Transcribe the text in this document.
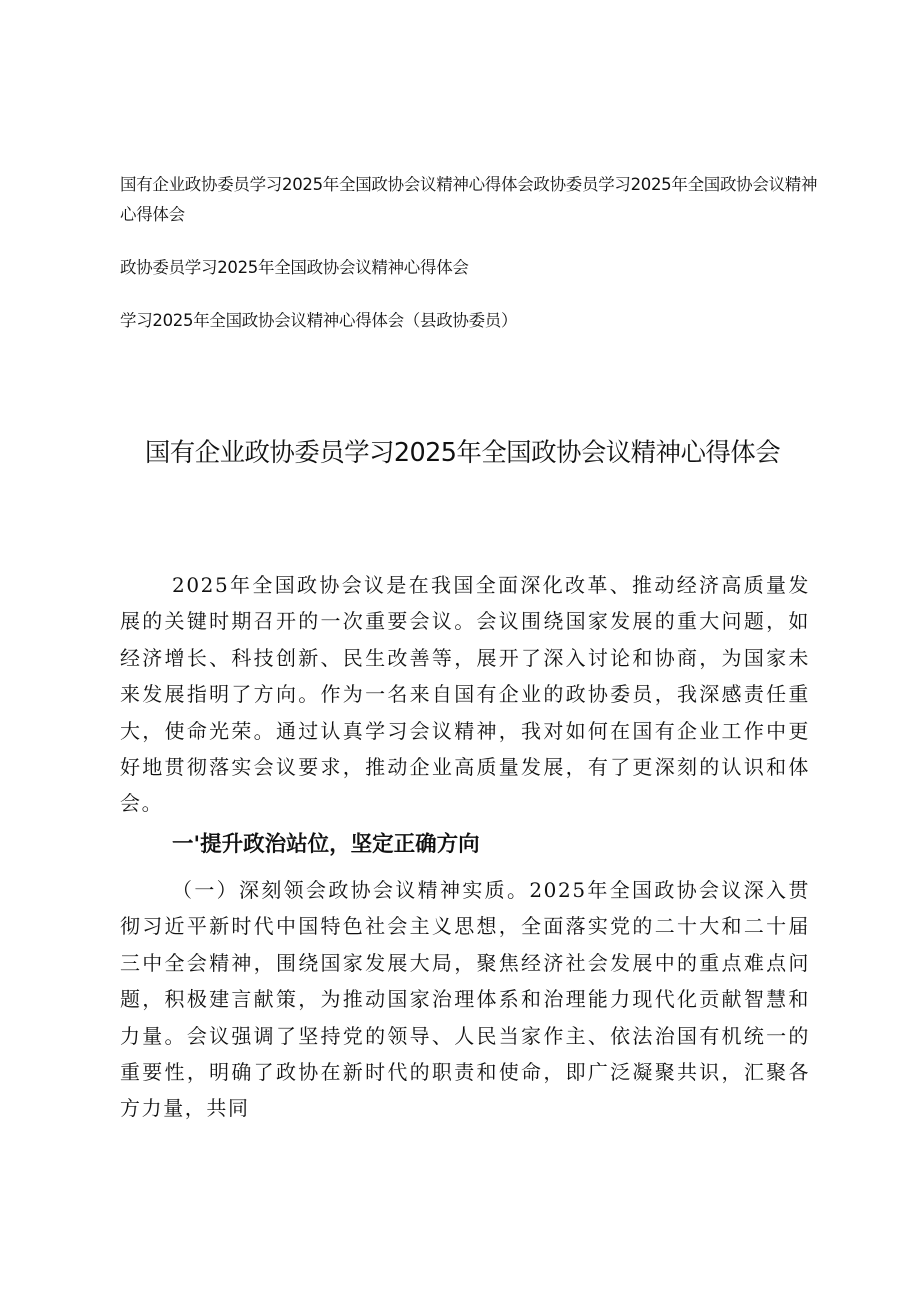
国有企业政协委员学习2025年全国政协会议精神心得体会政协委员学习2025年全国政协会议精神心得体会

政协委员学习2025年全国政协会议精神心得体会

学习2025年全国政协会议精神心得体会（县政协委员）

国有企业政协委员学习2025年全国政协会议精神心得体会

2025年全国政协会议是在我国全面深化改革、推动经济高质量发展的关键时期召开的一次重要会议。会议围绕国家发展的重大问题，如经济增长、科技创新、民生改善等，展开了深入讨论和协商，为国家未来发展指明了方向。作为一名来自国有企业的政协委员，我深感责任重大，使命光荣。通过认真学习会议精神，我对如何在国有企业工作中更好地贯彻落实会议要求，推动企业高质量发展，有了更深刻的认识和体会。

一'提升政治站位，坚定正确方向

（一）深刻领会政协会议精神实质。2025年全国政协会议深入贯彻习近平新时代中国特色社会主义思想，全面落实党的二十大和二十届三中全会精神，围绕国家发展大局，聚焦经济社会发展中的重点难点问题，积极建言献策，为推动国家治理体系和治理能力现代化贡献智慧和力量。会议强调了坚持党的领导、人民当家作主、依法治国有机统一的重要性，明确了政协在新时代的职责和使命，即广泛凝聚共识，汇聚各方力量，共同
